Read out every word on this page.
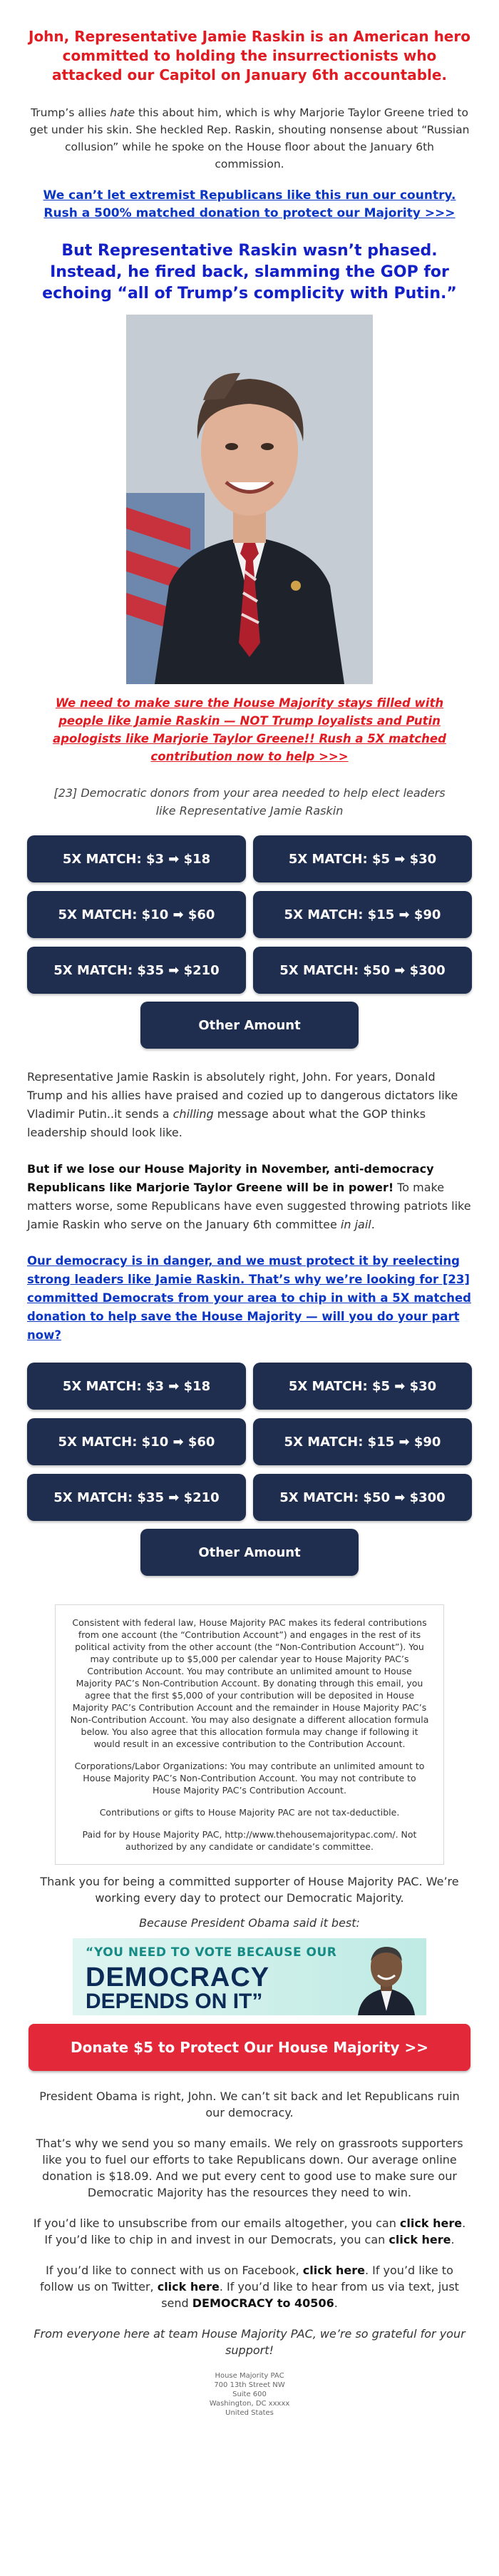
John, Representative Jamie Raskin is an American hero committed to holding the insurrectionists who attacked our Capitol on January 6th accountable.

Trump’s allies hate this about him, which is why Marjorie Taylor Greene tried to get under his skin. She heckled Rep. Raskin, shouting nonsense about “Russian collusion” while he spoke on the House floor about the January 6th commission.

We can’t let extremist Republicans like this run our country. Rush a 500% matched donation to protect our Majority >>>
But Representative Raskin wasn’t phased. Instead, he fired back, slamming the GOP for echoing “all of Trump’s complicity with Putin.”
We need to make sure the House Majority stays filled with people like Jamie Raskin — NOT Trump loyalists and Putin apologists like Marjorie Taylor Greene!! Rush a 5X matched contribution now to help >>>

[23] Democratic donors from your area needed to help elect leaders like Representative Jamie Raskin

5X MATCH: $3 ➡ $18	5X MATCH: $5 ➡ $30
5X MATCH: $10 ➡ $60	5X MATCH: $15 ➡ $90
5X MATCH: $35 ➡ $210	5X MATCH: $50 ➡ $300
Other Amount

Representative Jamie Raskin is absolutely right, John. For years, Donald Trump and his allies have praised and cozied up to dangerous dictators like Vladimir Putin..it sends a chilling message about what the GOP thinks leadership should look like.

But if we lose our House Majority in November, anti-democracy Republicans like Marjorie Taylor Greene will be in power! To make matters worse, some Republicans have even suggested throwing patriots like Jamie Raskin who serve on the January 6th committee in jail.

Our democracy is in danger, and we must protect it by reelecting strong leaders like Jamie Raskin. That’s why we’re looking for [23] committed Democrats from your area to chip in with a 5X matched donation to help save the House Majority — will you do your part now?
5X MATCH: $3 ➡ $18	5X MATCH: $5 ➡ $30
5X MATCH: $10 ➡ $60	5X MATCH: $15 ➡ $90
5X MATCH: $35 ➡ $210	5X MATCH: $50 ➡ $300
Other Amount

Consistent with federal law, House Majority PAC makes its federal contributions from one account (the “Contribution Account”) and engages in the rest of its political activity from the other account (the “Non-Contribution Account”). You may contribute up to $5,000 per calendar year to House Majority PAC’s Contribution Account. You may contribute an unlimited amount to House Majority PAC’s Non-Contribution Account. By donating through this email, you agree that the first $5,000 of your contribution will be deposited in House Majority PAC’s Contribution Account and the remainder in House Majority PAC’s Non-Contribution Account. You may also designate a different allocation formula below. You also agree that this allocation formula may change if following it would result in an excessive contribution to the Contribution Account.

Corporations/Labor Organizations: You may contribute an unlimited amount to House Majority PAC’s Non-Contribution Account. You may not contribute to House Majority PAC’s Contribution Account.

Contributions or gifts to House Majority PAC are not tax-deductible.

Paid for by House Majority PAC, http://www.thehousemajoritypac.com/. Not authorized by any candidate or candidate’s committee.

Thank you for being a committed supporter of House Majority PAC. We’re working every day to protect our Democratic Majority.

Because President Obama said it best:

“YOU NEED TO VOTE BECAUSE OUR
DEMOCRACY
DEPENDS ON IT”
Donate $5 to Protect Our House Majority >>

President Obama is right, John. We can’t sit back and let Republicans ruin our democracy.

That’s why we send you so many emails. We rely on grassroots supporters like you to fuel our efforts to take Republicans down. Our average online donation is $18.09. And we put every cent to good use to make sure our Democratic Majority has the resources they need to win.

If you’d like to unsubscribe from our emails altogether, you can click here. If you’d like to chip in and invest in our Democrats, you can click here.

If you’d like to connect with us on Facebook, click here. If you’d like to follow us on Twitter, click here. If you’d like to hear from us via text, just send DEMOCRACY to 40506.

From everyone here at team House Majority PAC, we’re so grateful for your support!

House Majority PAC
700 13th Street NW
Suite 600
Washington, DC xxxxx
United States
